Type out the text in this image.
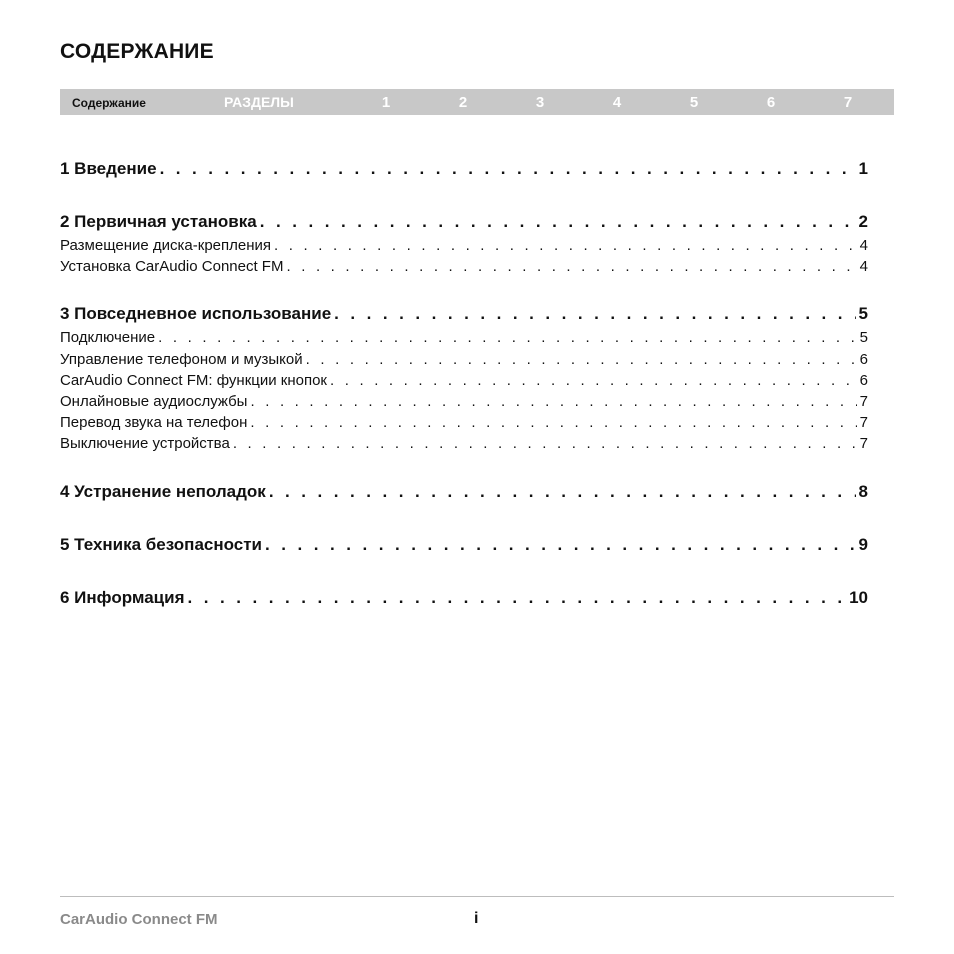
СОДЕРЖАНИЕ
Содержание	РАЗДЕЛЫ	1	2	3	4	5	6	7
1 Введение . . .	1
2 Первичная установка . . .	2
Размещение диска-крепления . . .	4
Установка CarAudio Connect FM . . .	4
3 Повседневное использование . . .	5
Подключение . . .	5
Управление телефоном и музыкой . . .	6
CarAudio Connect FM: функции кнопок . . .	6
Онлайновые аудиослужбы . . .	7
Перевод звука на телефон . . .	7
Выключение устройства . . .	7
4 Устранение неполадок . . .	8
5 Техника безопасности . . .	9
6 Информация . . .	10
CarAudio Connect FM	i
